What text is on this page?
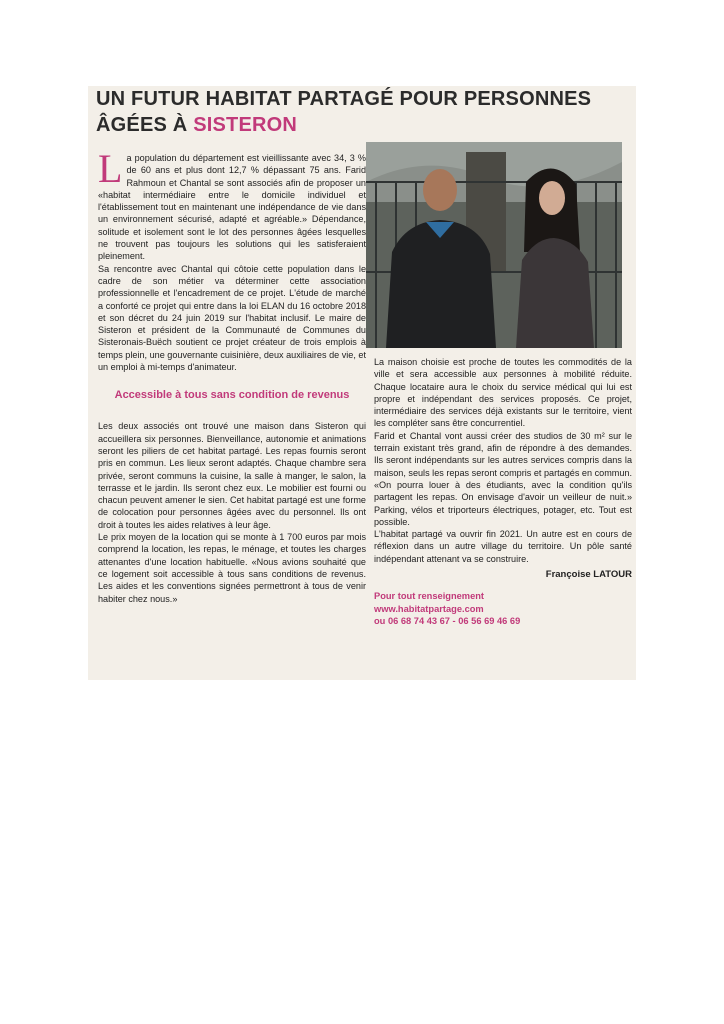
UN FUTUR HABITAT PARTAGÉ POUR PERSONNES ÂGÉES À SISTERON

La population du département est vieillissante avec 34, 3 % de 60 ans et plus dont 12,7 % dépassant 75 ans. Farid Rahmoun et Chantal se sont associés afin de proposer un «habitat intermédiaire entre le domicile individuel et l'établissement tout en maintenant une indépendance de vie dans un environnement sécurisé, adapté et agréable.» Dépendance, solitude et isolement sont le lot des personnes âgées lesquelles ne trouvent pas toujours les solutions qui les satisferaient pleinement.

Sa rencontre avec Chantal qui côtoie cette population dans le cadre de son métier va déterminer cette association professionnelle et l'encadrement de ce projet. L'étude de marché a conforté ce projet qui entre dans la loi ELAN du 16 octobre 2018 et son décret du 24 juin 2019 sur l'habitat inclusif. Le maire de Sisteron et président de la Communauté de Communes du Sisteronais-Buëch soutient ce projet créateur de trois emplois à temps plein, une gouvernante cuisinière, deux auxiliaires de vie, et un emploi à mi-temps d'animateur.

Accessible à tous sans condition de revenus

Les deux associés ont trouvé une maison dans Sisteron qui accueillera six personnes. Bienveillance, autonomie et animations seront les piliers de cet habitat partagé. Les repas fournis seront pris en commun. Les lieux seront adaptés. Chaque chambre sera privée, seront communs la cuisine, la salle à manger, le salon, la terrasse et le jardin. Ils seront chez eux. Le mobilier est fourni ou chacun peuvent amener le sien. Cet habitat partagé est une forme de colocation pour personnes âgées avec du personnel. Ils ont droit à toutes les aides relatives à leur âge.

Le prix moyen de la location qui se monte à 1 700 euros par mois comprend la location, les repas, le ménage, et toutes les charges attenantes d'une location habituelle. «Nous avions souhaité que ce logement soit accessible à tous sans conditions de revenus. Les aides et les conventions signées permettront à tous de venir habiter chez nous.»

La maison choisie est proche de toutes les commodités de la ville et sera accessible aux personnes à mobilité réduite. Chaque locataire aura le choix du service médical qui lui est propre et indépendant des services proposés. Ce projet, intermédiaire des services déjà existants sur le territoire, vient les compléter sans être concurrentiel.

Farid et Chantal vont aussi créer des studios de 30 m² sur le terrain existant très grand, afin de répondre à des demandes. Ils seront indépendants sur les autres services compris dans la maison, seuls les repas seront compris et partagés en commun. «On pourra louer à des étudiants, avec la condition qu'ils partagent les repas. On envisage d'avoir un veilleur de nuit.» Parking, vélos et triporteurs électriques, potager, etc. Tout est possible.

L'habitat partagé va ouvrir fin 2021. Un autre est en cours de réflexion dans un autre village du territoire. Un pôle santé indépendant attenant va se construire.

Françoise LATOUR
Pour tout renseignement
www.habitatpartage.com
ou 06 68 74 43 67 - 06 56 69 46 69
